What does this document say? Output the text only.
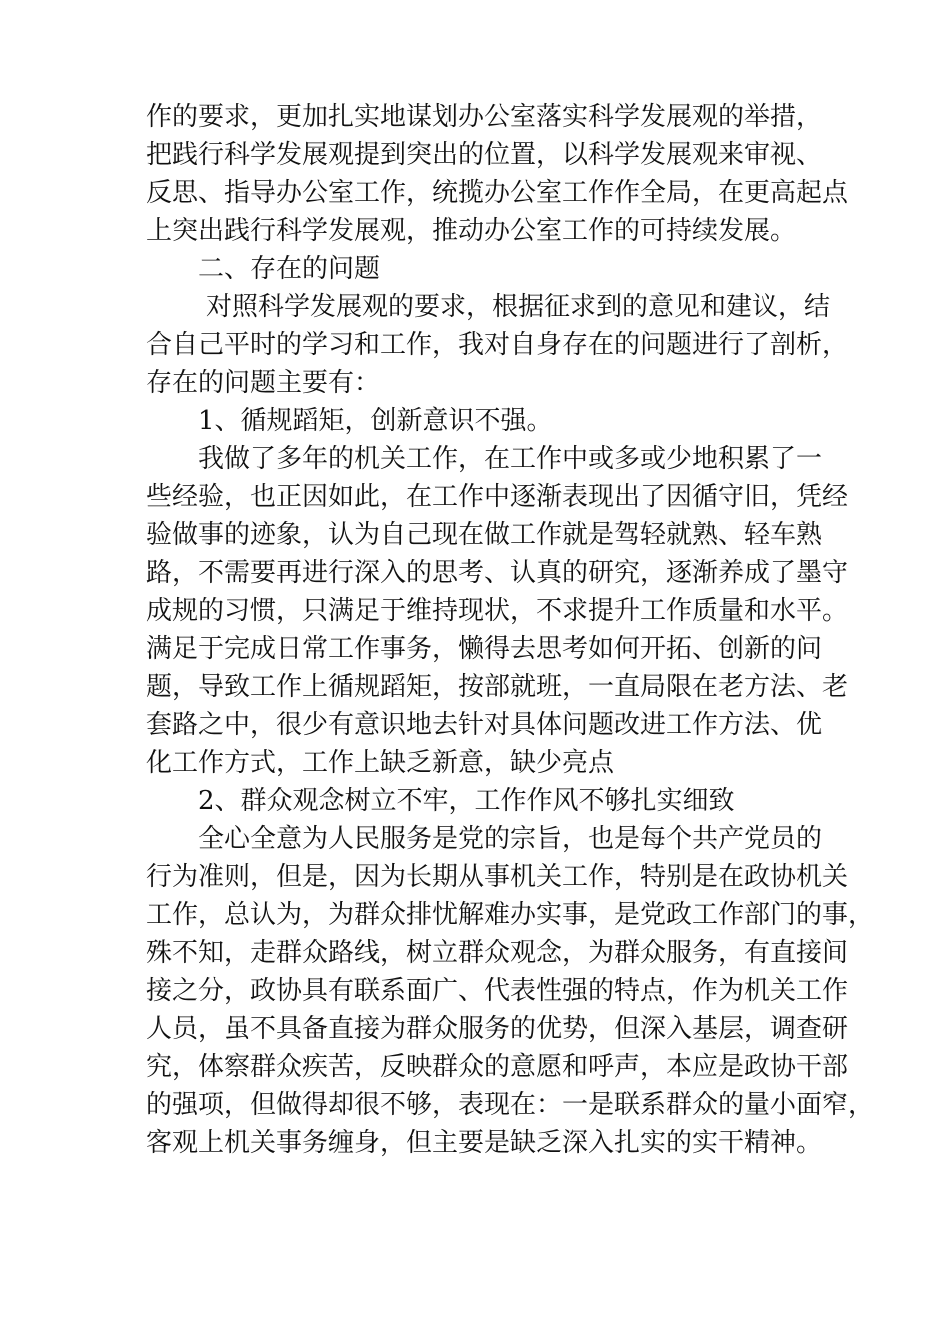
作的要求，更加扎实地谋划办公室落实科学发展观的举措，
把践行科学发展观提到突出的位置，以科学发展观来审视、
反思、指导办公室工作，统揽办公室工作作全局，在更高起点
上突出践行科学发展观，推动办公室工作的可持续发展。
二、存在的问题
对照科学发展观的要求，根据征求到的意见和建议，结
合自己平时的学习和工作，我对自身存在的问题进行了剖析，
存在的问题主要有：
1、循规蹈矩，创新意识不强。
我做了多年的机关工作，在工作中或多或少地积累了一
些经验，也正因如此，在工作中逐渐表现出了因循守旧，凭经
验做事的迹象，认为自己现在做工作就是驾轻就熟、轻车熟
路，不需要再进行深入的思考、认真的研究，逐渐养成了墨守
成规的习惯，只满足于维持现状，不求提升工作质量和水平。
满足于完成日常工作事务，懒得去思考如何开拓、创新的问
题，导致工作上循规蹈矩，按部就班，一直局限在老方法、老
套路之中，很少有意识地去针对具体问题改进工作方法、优
化工作方式，工作上缺乏新意，缺少亮点
2、群众观念树立不牢，工作作风不够扎实细致
全心全意为人民服务是党的宗旨，也是每个共产党员的
行为准则，但是，因为长期从事机关工作，特别是在政协机关
工作，总认为，为群众排忧解难办实事，是党政工作部门的事，
殊不知，走群众路线，树立群众观念，为群众服务，有直接间
接之分，政协具有联系面广、代表性强的特点，作为机关工作
人员，虽不具备直接为群众服务的优势，但深入基层，调查研
究，体察群众疾苦，反映群众的意愿和呼声，本应是政协干部
的强项，但做得却很不够，表现在：一是联系群众的量小面窄，
客观上机关事务缠身，但主要是缺乏深入扎实的实干精神。
